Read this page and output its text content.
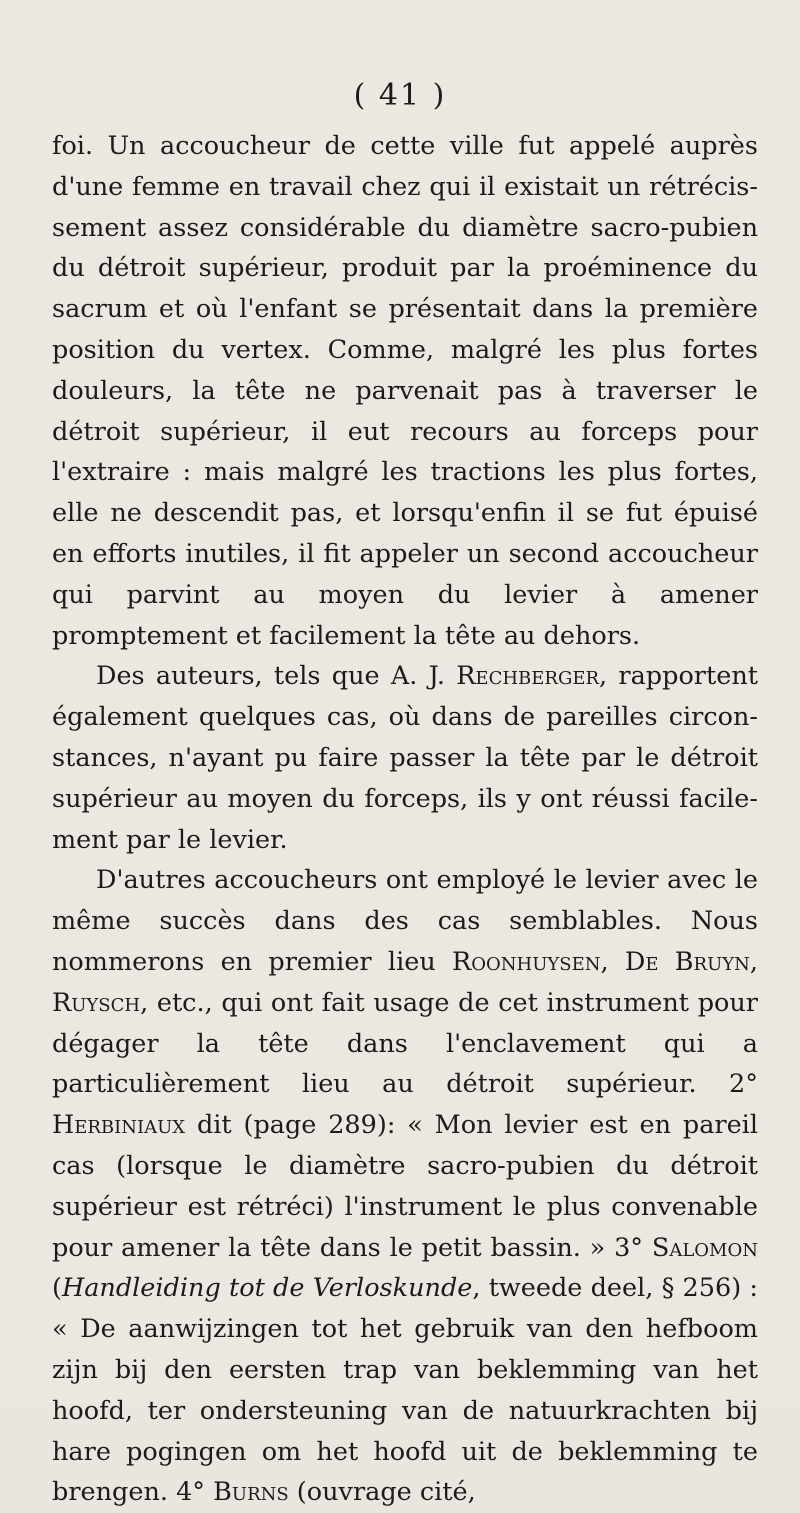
( 41 )

foi. Un accoucheur de cette ville fut appelé auprès d'une femme en travail chez qui il existait un rétrécissement assez considérable du diamètre sacro-pubien du détroit supérieur, produit par la proéminence du sacrum et où l'enfant se présentait dans la première position du vertex. Comme, malgré les plus fortes douleurs, la tête ne parvenait pas à traverser le détroit supérieur, il eut recours au forceps pour l'extraire : mais malgré les tractions les plus fortes, elle ne descendit pas, et lorsqu'enfin il se fut épuisé en efforts inutiles, il fit appeler un second accoucheur qui parvint au moyen du levier à amener promptement et facilement la tête au dehors.

Des auteurs, tels que A. J. Rechberger, rapportent également quelques cas, où dans de pareilles circonstances, n'ayant pu faire passer la tête par le détroit supérieur au moyen du forceps, ils y ont réussi facilement par le levier.

D'autres accoucheurs ont employé le levier avec le même succès dans des cas semblables. Nous nommerons en premier lieu Roonhuysen, De Bruyn, Ruysch, etc., qui ont fait usage de cet instrument pour dégager la tête dans l'enclavement qui a particulièrement lieu au détroit supérieur. 2° Herbiniaux dit (page 289): « Mon levier est en pareil cas (lorsque le diamètre sacro-pubien du détroit supérieur est rétréci) l'instrument le plus convenable pour amener la tête dans le petit bassin. » 3° Salomon (Handleiding tot de Verloskunde, tweede deel, § 256) : « De aanwijzingen tot het gebruik van den hefboom zijn bij den eersten trap van beklemming van het hoofd, ter ondersteuning van de natuurkrachten bij hare pogingen om het hoofd uit de beklemming te brengen. 4° Burns (ouvrage cité,
